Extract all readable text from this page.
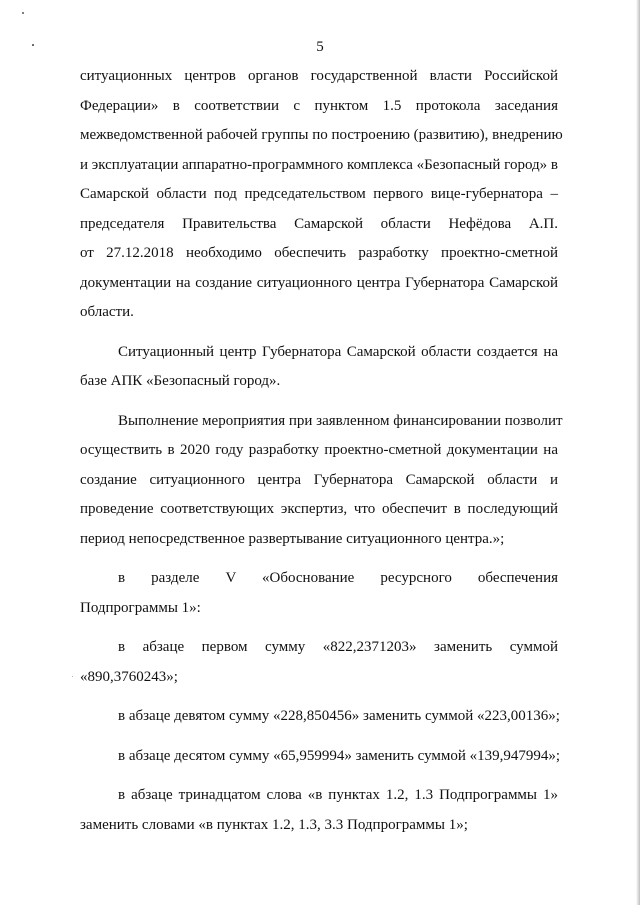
5

ситуационных центров органов государственной власти Российской
Федерации» в соответствии с пунктом 1.5 протокола заседания
межведомственной рабочей группы по построению (развитию), внедрению
и эксплуатации аппаратно-программного комплекса «Безопасный город» в
Самарской области под председательством первого вице-губернатора –
председателя Правительства Самарской области Нефёдова А.П.
от 27.12.2018 необходимо обеспечить разработку проектно-сметной
документации на создание ситуационного центра Губернатора Самарской
области.

Ситуационный центр Губернатора Самарской области создается на
базе АПК «Безопасный город».

Выполнение мероприятия при заявленном финансировании позволит
осуществить в 2020 году разработку проектно-сметной документации на
создание ситуационного центра Губернатора Самарской области и
проведение соответствующих экспертиз, что обеспечит в последующий
период непосредственное развертывание ситуационного центра.»;

в разделе V «Обоснование ресурсного обеспечения
Подпрограммы 1»:

в абзаце первом сумму «822,2371203» заменить суммой
«890,3760243»;

в абзаце девятом сумму «228,850456» заменить суммой «223,00136»;

в абзаце десятом сумму «65,959994» заменить суммой «139,947994»;

в абзаце тринадцатом слова «в пунктах 1.2, 1.3 Подпрограммы 1»
заменить словами «в пунктах 1.2, 1.3, 3.3 Подпрограммы 1»;
